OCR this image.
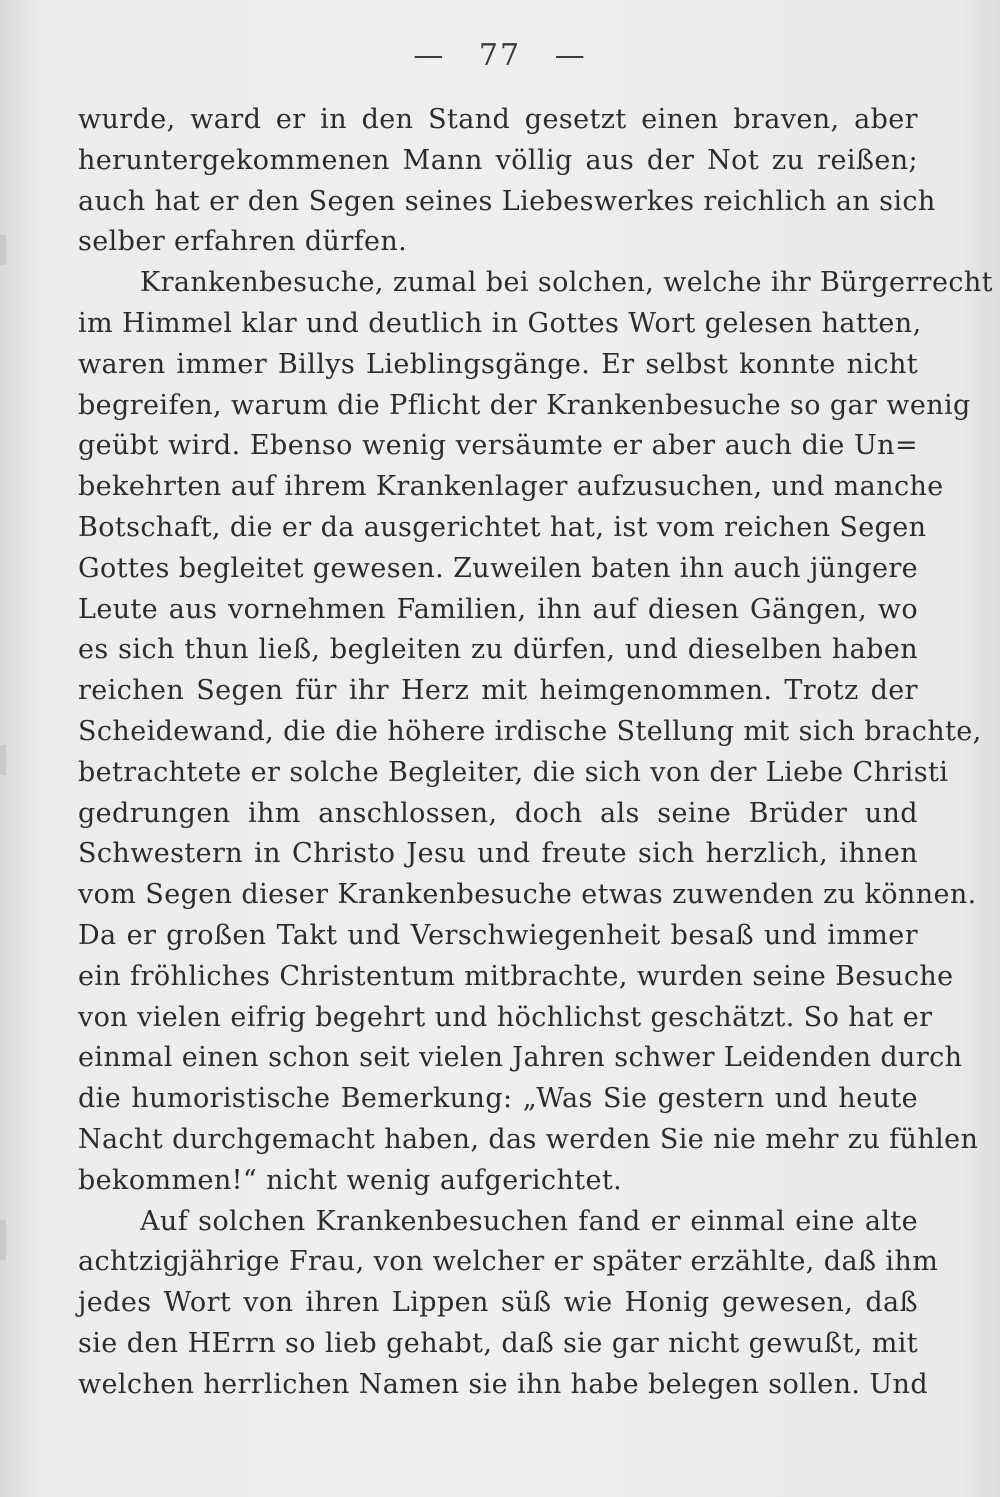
— 77 —
wurde, ward er in den Stand gesetzt einen braven, aber
heruntergekommenen Mann völlig aus der Not zu reißen;
auch hat er den Segen seines Liebeswerkes reichlich an sich
selber erfahren dürfen.
Krankenbesuche, zumal bei solchen, welche ihr Bürgerrecht
im Himmel klar und deutlich in Gottes Wort gelesen hatten,
waren immer Billys Lieblingsgänge. Er selbst konnte nicht
begreifen, warum die Pflicht der Krankenbesuche so gar wenig
geübt wird. Ebenso wenig versäumte er aber auch die Un=
bekehrten auf ihrem Krankenlager aufzusuchen, und manche
Botschaft, die er da ausgerichtet hat, ist vom reichen Segen
Gottes begleitet gewesen. Zuweilen baten ihn auch jüngere
Leute aus vornehmen Familien, ihn auf diesen Gängen, wo
es sich thun ließ, begleiten zu dürfen, und dieselben haben
reichen Segen für ihr Herz mit heimgenommen. Trotz der
Scheidewand, die die höhere irdische Stellung mit sich brachte,
betrachtete er solche Begleiter, die sich von der Liebe Christi
gedrungen ihm anschlossen, doch als seine Brüder und
Schwestern in Christo Jesu und freute sich herzlich, ihnen
vom Segen dieser Krankenbesuche etwas zuwenden zu können.
Da er großen Takt und Verschwiegenheit besaß und immer
ein fröhliches Christentum mitbrachte, wurden seine Besuche
von vielen eifrig begehrt und höchlichst geschätzt. So hat er
einmal einen schon seit vielen Jahren schwer Leidenden durch
die humoristische Bemerkung: „Was Sie gestern und heute
Nacht durchgemacht haben, das werden Sie nie mehr zu fühlen
bekommen!“ nicht wenig aufgerichtet.
Auf solchen Krankenbesuchen fand er einmal eine alte
achtzigjährige Frau, von welcher er später erzählte, daß ihm
jedes Wort von ihren Lippen süß wie Honig gewesen, daß
sie den HErrn so lieb gehabt, daß sie gar nicht gewußt, mit
welchen herrlichen Namen sie ihn habe belegen sollen. Und
